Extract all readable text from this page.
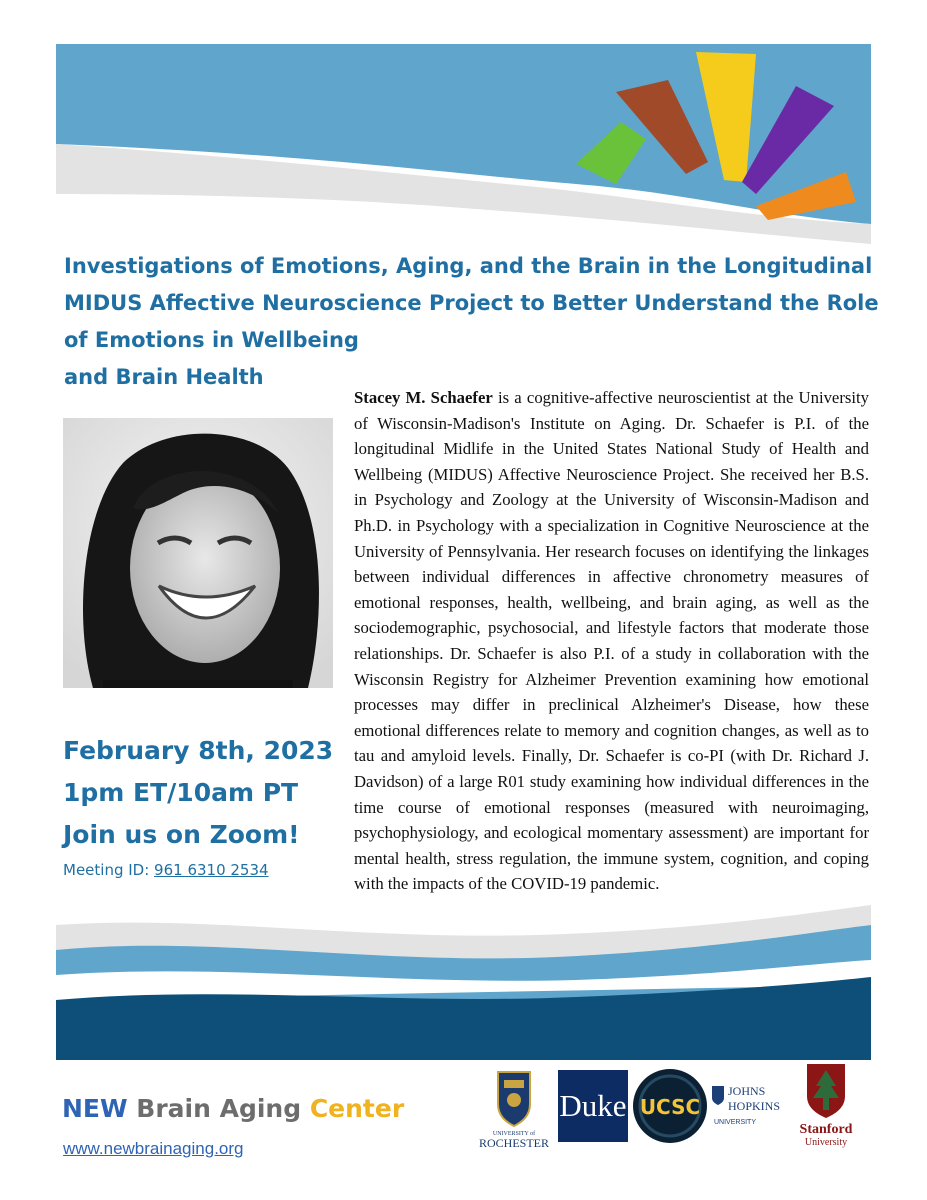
Investigations of Emotions, Aging, and the Brain in the Longitudinal
MIDUS Affective Neuroscience Project to Better Understand the Role
of Emotions in Wellbeing
and Brain Health
Stacey M. Schaefer is a cognitive-affective neuroscientist at the University of Wisconsin-Madison's Institute on Aging. Dr. Schaefer is P.I. of the longitudinal Midlife in the United States National Study of Health and Wellbeing (MIDUS) Affective Neuroscience Project. She received her B.S. in Psychology and Zoology at the University of Wisconsin-Madison and Ph.D. in Psychology with a specialization in Cognitive Neuroscience at the University of Pennsylvania. Her research focuses on identifying the linkages between individual differences in affective chronometry measures of emotional responses, health, wellbeing, and brain aging, as well as the sociodemographic, psychosocial, and lifestyle factors that moderate those relationships. Dr. Schaefer is also P.I. of a study in collaboration with the Wisconsin Registry for Alzheimer Prevention examining how emotional processes may differ in preclinical Alzheimer's Disease, how these emotional differences relate to memory and cognition changes, as well as to tau and amyloid levels. Finally, Dr. Schaefer is co-PI (with Dr. Richard J. Davidson) of a large R01 study examining how individual differences in the time course of emotional responses (measured with neuroimaging, psychophysiology, and ecological momentary assessment) are important for mental health, stress regulation, the immune system, cognition, and coping with the impacts of the COVID-19 pandemic.
February 8th, 2023
1pm ET/10am PT
Join us on Zoom!
Meeting ID: 961 6310 2534
NEW Brain Aging Center
www.newbrainaging.org
UNIVERSITY of
ROCHESTER
Duke UCSC
JOHNS
HOPKINS
UNIVERSITY	Stanford
University
